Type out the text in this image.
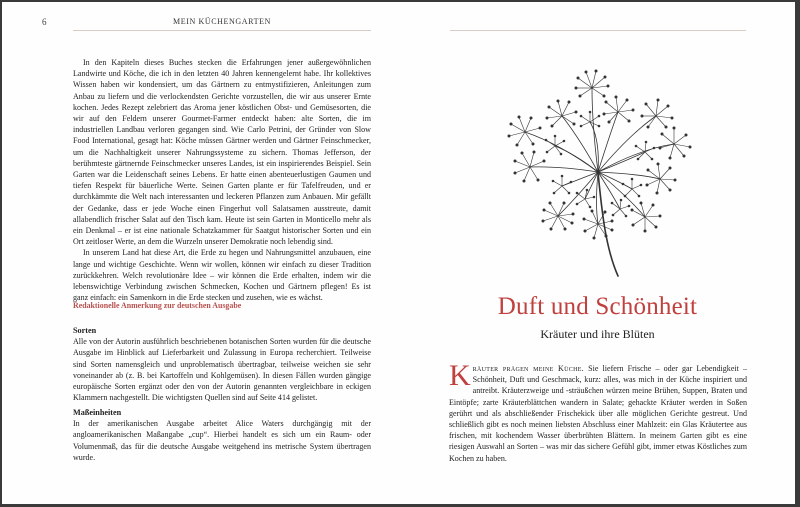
6	MEIN KÜCHENGARTEN

In den Kapiteln dieses Buches stecken die Erfahrungen jener außergewöhnlichen Landwirte und Köche, die ich in den letzten 40 Jahren kennengelernt habe. Ihr kollektives Wissen haben wir kondensiert, um das Gärtnern zu entmystifizieren, Anleitungen zum Anbau zu liefern und die verlockendsten Gerichte vorzustellen, die wir aus unserer Ernte kochen. Jedes Rezept zelebriert das Aroma jener köstlichen Obst- und Gemüsesorten, die wir auf den Feldern unserer Gourmet-Farmer entdeckt haben: alte Sorten, die im industriellen Landbau verloren gegangen sind. Wie Carlo Petrini, der Gründer von Slow Food International, gesagt hat: Köche müssen Gärtner werden und Gärtner Feinschmecker, um die Nachhaltigkeit unserer Nahrungssysteme zu sichern. Thomas Jefferson, der berühmteste gärtnernde Feinschmecker unseres Landes, ist ein inspirierendes Beispiel. Sein Garten war die Leidenschaft seines Lebens. Er hatte einen abenteuerlustigen Gaumen und tiefen Respekt für bäuerliche Werte. Seinen Garten plante er für Tafelfreuden, und er durchkämmte die Welt nach interessanten und leckeren Pflanzen zum Anbauen. Mir gefällt der Gedanke, dass er jede Woche einen Fingerhut voll Salatsamen ausstreute, damit allabendlich frischer Salat auf den Tisch kam. Heute ist sein Garten in Monticello mehr als ein Denkmal – er ist eine nationale Schatzkammer für Saatgut historischer Sorten und ein Ort zeitloser Werte, an dem die Wurzeln unserer Demokratie noch lebendig sind.

In unserem Land hat diese Art, die Erde zu hegen und Nahrungsmittel anzubauen, eine lange und wichtige Geschichte. Wenn wir wollen, können wir einfach zu dieser Tradition zurückkehren. Welch revolutionäre Idee – wir können die Erde erhalten, indem wir die lebenswichtige Verbindung zwischen Schmecken, Kochen und Gärtnern pflegen! Es ist ganz einfach: ein Samenkorn in die Erde stecken und zusehen, wie es wächst.

Redaktionelle Anmerkung zur deutschen Ausgabe
Sorten

Alle von der Autorin ausführlich beschriebenen botanischen Sorten wurden für die deutsche Ausgabe im Hinblick auf Lieferbarkeit und Zulassung in Europa recherchiert. Teilweise sind Sorten namensgleich und unproblematisch übertragbar, teilweise weichen sie sehr voneinander ab (z. B. bei Kartoffeln und Kohlgemüsen). In diesen Fällen wurden gängige europäische Sorten ergänzt oder den von der Autorin genannten vergleichbare in eckigen Klammern nachgestellt. Die wichtigsten Quellen sind auf Seite 414 gelistet.

Maßeinheiten

In der amerikanischen Ausgabe arbeitet Alice Waters durchgängig mit der angloamerikanischen Maßangabe „cup“. Hierbei handelt es sich um ein Raum- oder Volumenmaß, das für die deutsche Ausgabe weitgehend ins metrische System übertragen wurde.

Duft und Schönheit
Kräuter und ihre Blüten
Kräuter prägen meine Küche. Sie liefern Frische – oder gar Lebendigkeit – Schönheit, Duft und Geschmack, kurz: alles, was mich in der Küche inspiriert und antreibt. Kräuterzweige und -sträußchen würzen meine Brühen, Suppen, Braten und Eintöpfe; zarte Kräuterblättchen wandern in Salate; gehackte Kräuter werden in Soßen gerührt und als abschließender Frischekick über alle möglichen Gerichte gestreut. Und schließlich gibt es noch meinen liebsten Abschluss einer Mahlzeit: ein Glas Kräutertee aus frischen, mit kochendem Wasser überbrühten Blättern. In meinem Garten gibt es eine riesigen Auswahl an Sorten – was mir das sichere Gefühl gibt, immer etwas Köstliches zum Kochen zu haben.
